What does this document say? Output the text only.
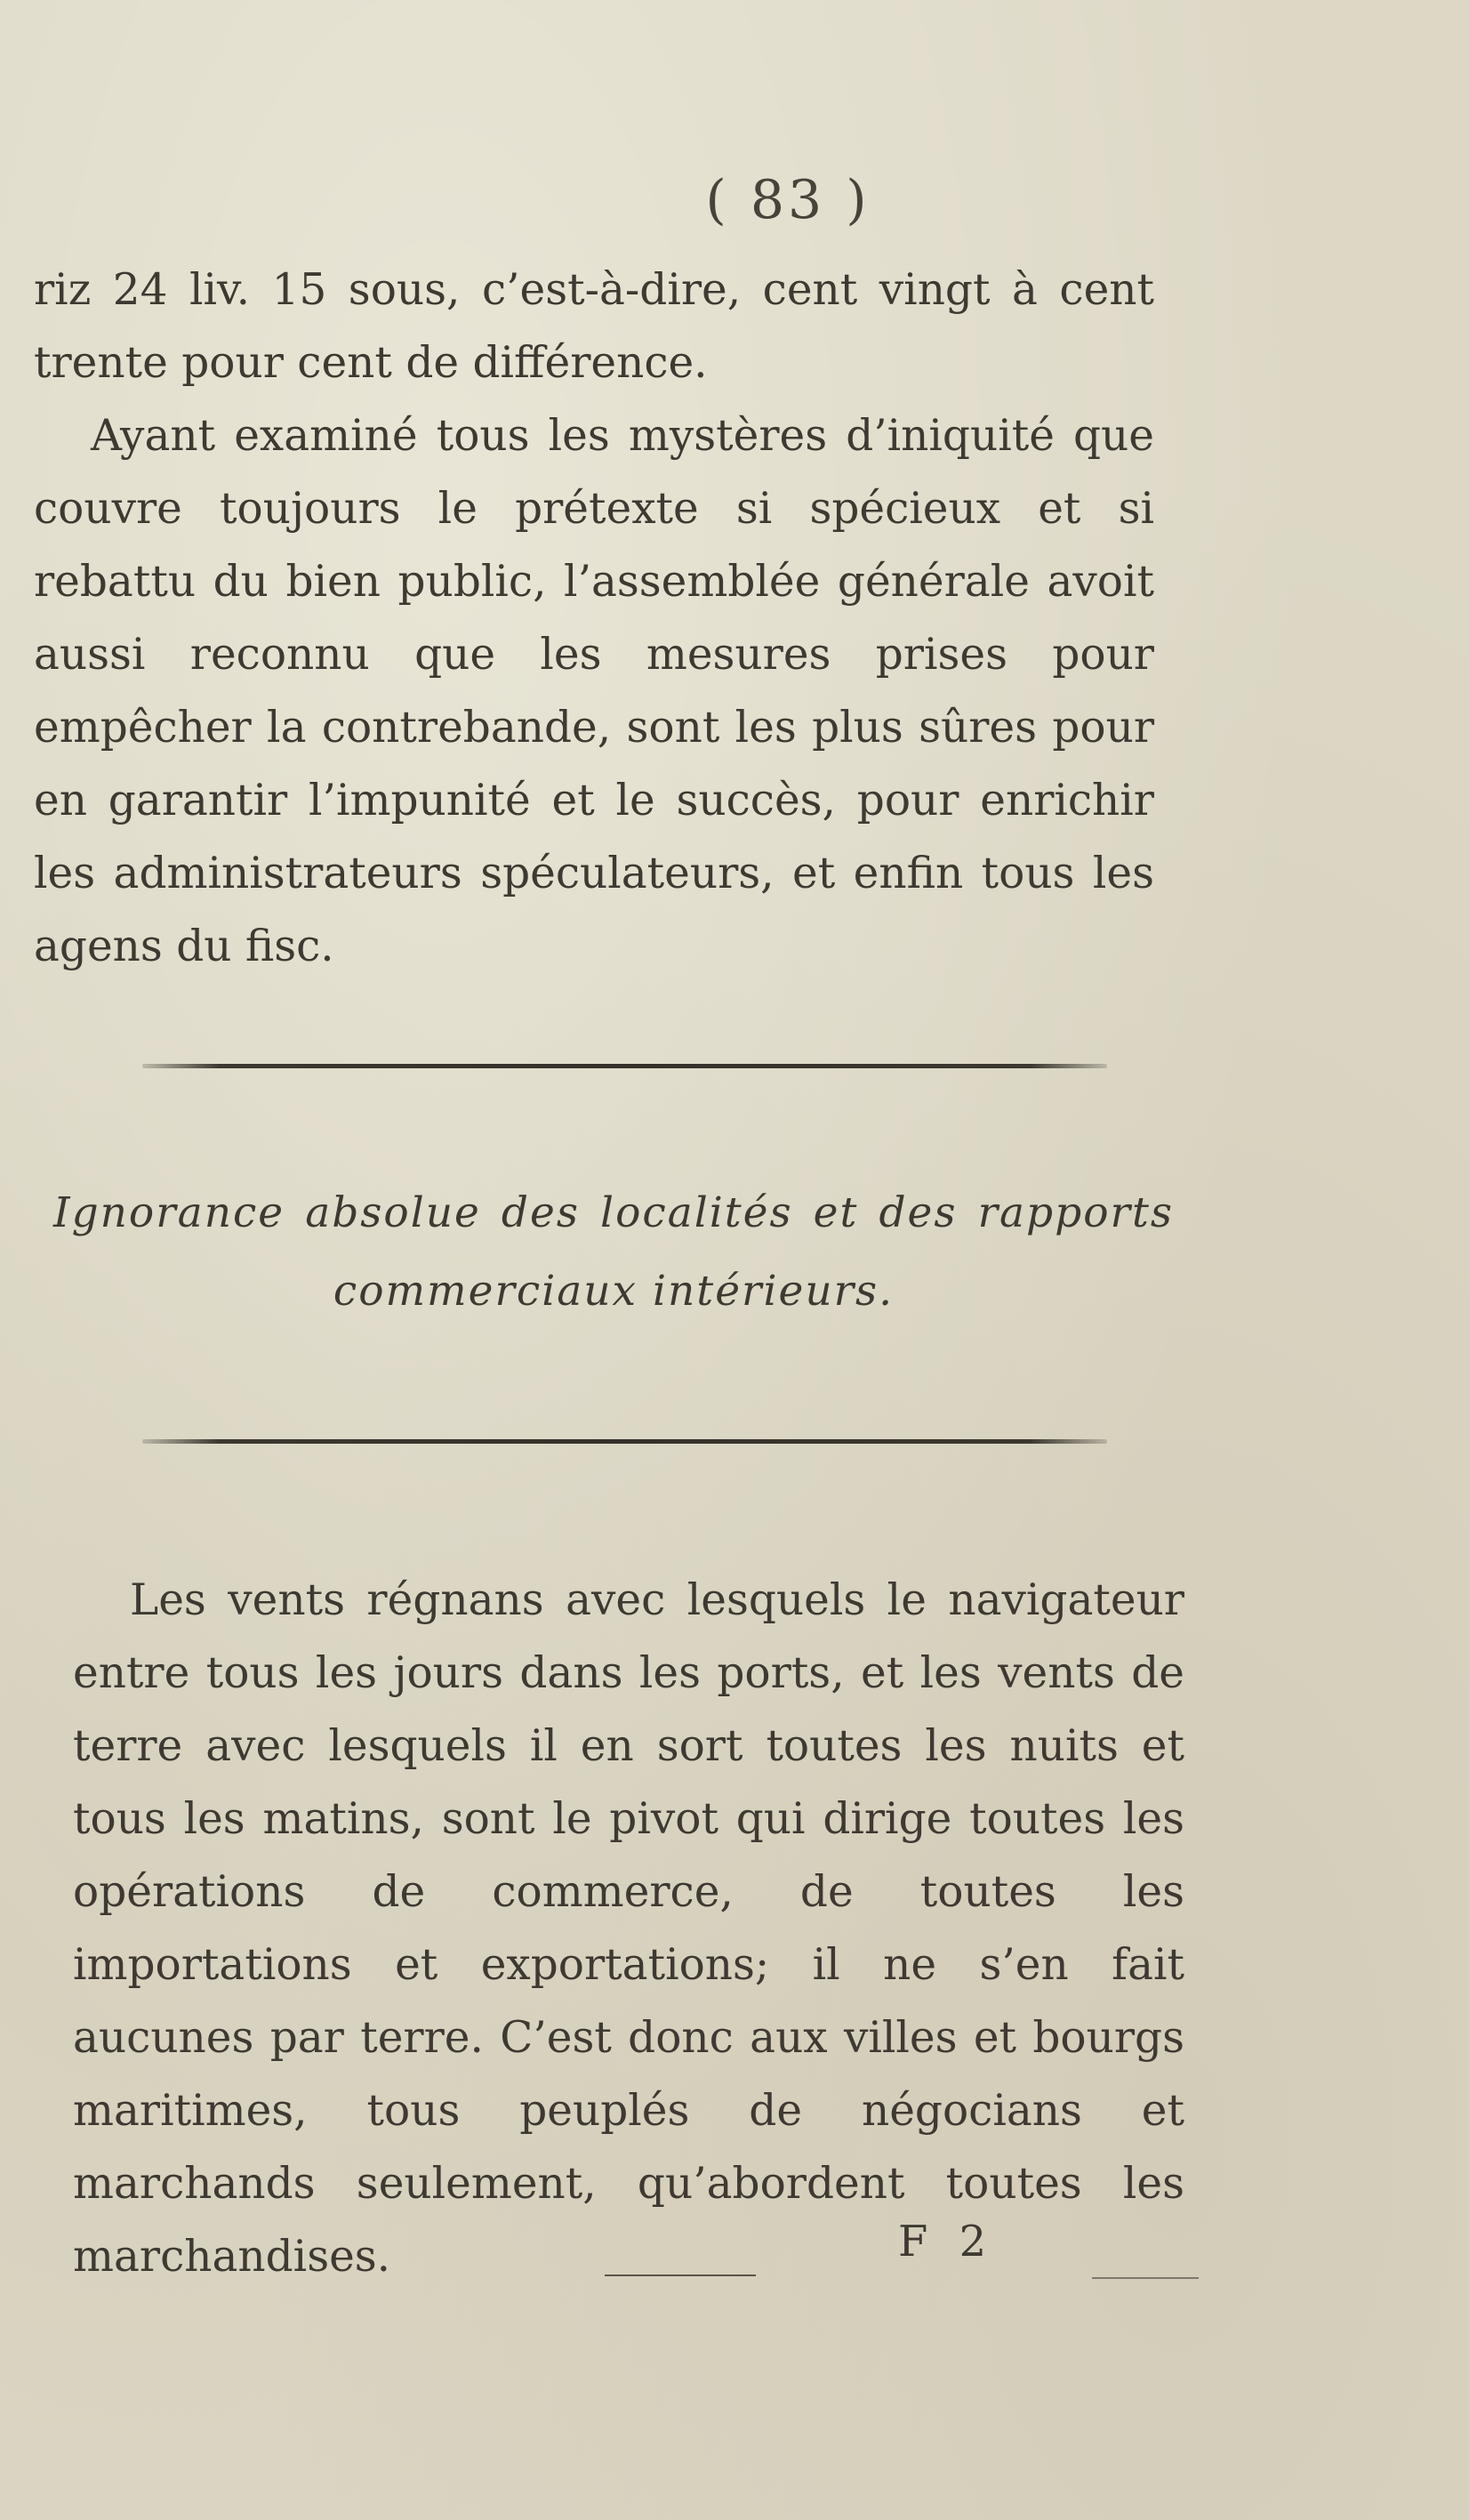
( 83 )

riz 24 liv. 15 sous, c’est-à-dire, cent vingt à cent trente pour cent de différence.

Ayant examiné tous les mystères d’iniquité que couvre toujours le prétexte si spécieux et si rebattu du bien public, l’assemblée générale avoit aussi reconnu que les mesures prises pour empêcher la contrebande, sont les plus sûres pour en garantir l’impunité et le succès, pour enrichir les administrateurs spéculateurs, et enfin tous les agens du fisc.

Ignorance absolue des localités et des rapports
commerciaux intérieurs.

Les vents régnans avec lesquels le navigateur entre tous les jours dans les ports, et les vents de terre avec lesquels il en sort toutes les nuits et tous les matins, sont le pivot qui dirige toutes les opérations de commerce, de toutes les importations et exportations; il ne s’en fait aucunes par terre. C’est donc aux villes et bourgs maritimes, tous peuplés de négocians et marchands seulement, qu’abordent toutes les marchandises.	F 2
